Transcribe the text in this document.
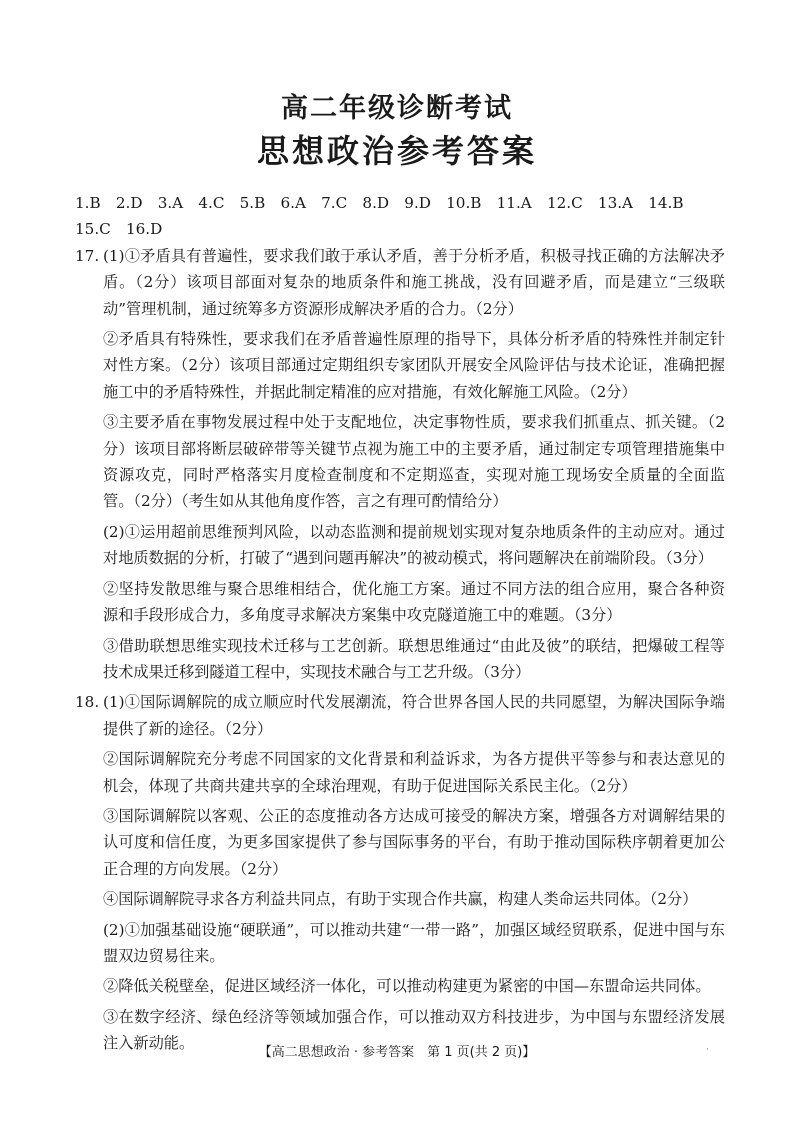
高二年级诊断考试
思想政治参考答案
1.B　2.D　3.A　4.C　5.B　6.A　7.C　8.D　9.D　10.B　11.A　12.C　13.A　14.B
15.C　16.D
17. (1)①矛盾具有普遍性，要求我们敢于承认矛盾，善于分析矛盾，积极寻找正确的方法解决矛盾。（2分）该项目部面对复杂的地质条件和施工挑战，没有回避矛盾，而是建立“三级联动”管理机制，通过统筹多方资源形成解决矛盾的合力。（2分）

②矛盾具有特殊性，要求我们在矛盾普遍性原理的指导下，具体分析矛盾的特殊性并制定针对性方案。（2分）该项目部通过定期组织专家团队开展安全风险评估与技术论证，准确把握施工中的矛盾特殊性，并据此制定精准的应对措施，有效化解施工风险。（2分）

③主要矛盾在事物发展过程中处于支配地位，决定事物性质，要求我们抓重点、抓关键。（2分）该项目部将断层破碎带等关键节点视为施工中的主要矛盾，通过制定专项管理措施集中资源攻克，同时严格落实月度检查制度和不定期巡查，实现对施工现场安全质量的全面监管。（2分）（考生如从其他角度作答，言之有理可酌情给分）

(2)①运用超前思维预判风险，以动态监测和提前规划实现对复杂地质条件的主动应对。通过对地质数据的分析，打破了“遇到问题再解决”的被动模式，将问题解决在前端阶段。（3分）

②坚持发散思维与聚合思维相结合，优化施工方案。通过不同方法的组合应用，聚合各种资源和手段形成合力，多角度寻求解决方案集中攻克隧道施工中的难题。（3分）

③借助联想思维实现技术迁移与工艺创新。联想思维通过“由此及彼”的联结，把爆破工程等技术成果迁移到隧道工程中，实现技术融合与工艺升级。（3分）

18. (1)①国际调解院的成立顺应时代发展潮流，符合世界各国人民的共同愿望，为解决国际争端提供了新的途径。（2分）

②国际调解院充分考虑不同国家的文化背景和利益诉求，为各方提供平等参与和表达意见的机会，体现了共商共建共享的全球治理观，有助于促进国际关系民主化。（2分）

③国际调解院以客观、公正的态度推动各方达成可接受的解决方案，增强各方对调解结果的认可度和信任度，为更多国家提供了参与国际事务的平台，有助于推动国际秩序朝着更加公正合理的方向发展。（2分）

④国际调解院寻求各方利益共同点，有助于实现合作共赢，构建人类命运共同体。（2分）

(2)①加强基础设施“硬联通”，可以推动共建“一带一路”，加强区域经贸联系，促进中国与东盟双边贸易往来。

②降低关税壁垒，促进区域经济一体化，可以推动构建更为紧密的中国—东盟命运共同体。

③在数字经济、绿色经济等领域加强合作，可以推动双方科技进步，为中国与东盟经济发展注入新动能。

【高二思想政治 · 参考答案　第 1 页(共 2 页)】	·
